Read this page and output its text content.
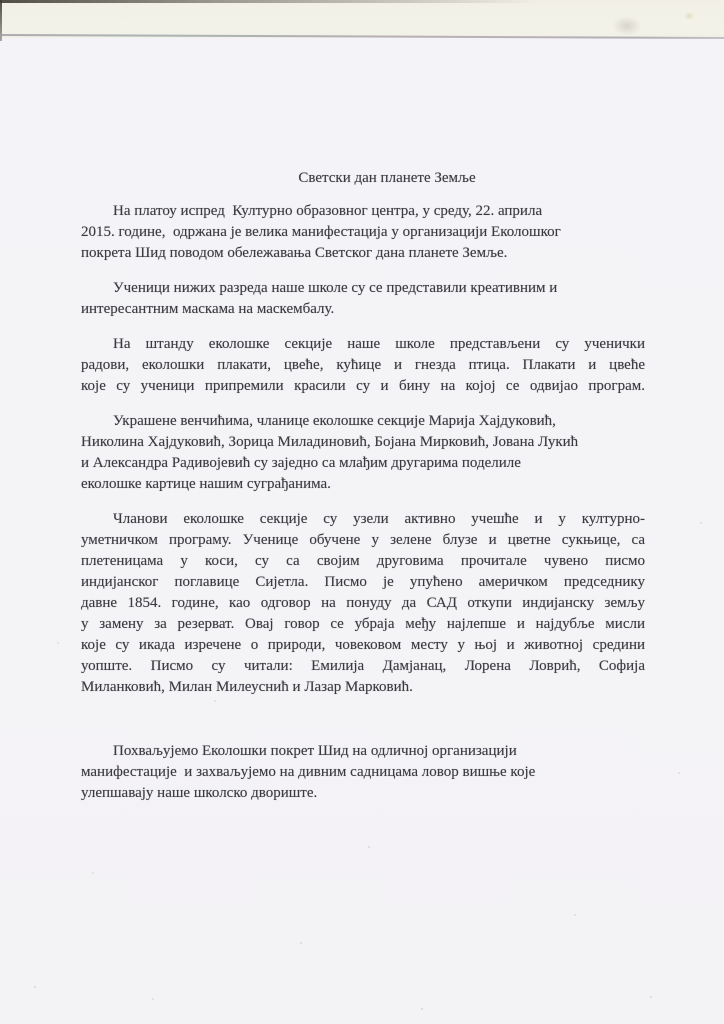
Светски дан планете Земље
На платоу испред  Културно образовног центра, у среду, 22. априла
2015. године,  одржана је велика манифестација у организацији Еколошког
покрета Шид поводом обележавања Светског дана планете Земље.
Ученици нижих разреда наше школе су се представили креативним и
интересантним маскама на маскембалу.
На штанду еколошке секције наше школе представљени су ученички
радови, еколошки плакати, цвеће, кућице и гнезда птица. Плакати и цвеће
које су ученици припремили красили су и бину на којој се одвијао програм.
Украшене венчићима, чланице еколошке секције Марија Хајдуковић,
Николина Хајдуковић, Зорица Миладиновић, Бојана Мирковић, Јована Лукић
и Александра Радивојевић су заједно са млађим другарима поделиле
еколошке картице нашим суграђанима.
Чланови еколошке секције су узели активно учешће и у културно-
уметничком програму. Ученице обучене у зелене блузе и цветне сукњице, са
плетеницама у коси, су са својим друговима прочитале чувено писмо
индијанског поглавице Сијетла. Писмо је упућено америчком председнику
давне 1854. године, као одговор на понуду да САД откупи индијанску земљу
у замену за резерват. Овај говор се убраја међу најлепше и најдубље мисли
које су икада изречене о природи, човековом месту у њој и животној средини
уопште. Писмо су читали: Емилија Дамјанац, Лорена Ловрић, Софија
Миланковић, Милан Милеуснић и Лазар Марковић.
Похваљујемо Еколошки покрет Шид на одличној организацији
манифестације  и захваљујемо на дивним садницама ловор вишње које
улепшавају наше школско двориште.
